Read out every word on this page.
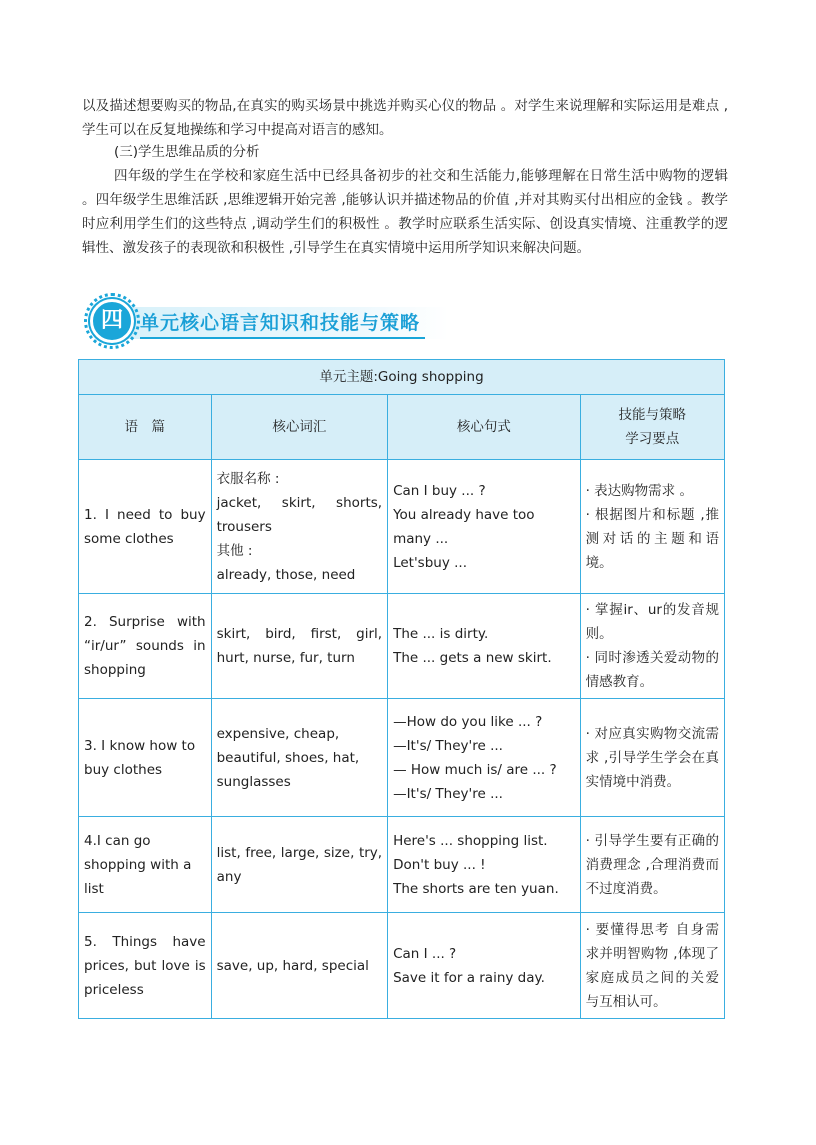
以及描述想要购买的物品,在真实的购买场景中挑选并购买心仪的物品 。对学生来说理解和实际运用是难点 ,学生可以在反复地操练和学习中提高对语言的感知。

(三)学生思维品质的分析

四年级的学生在学校和家庭生活中已经具备初步的社交和生活能力,能够理解在日常生活中购物的逻辑 。四年级学生思维活跃 ,思维逻辑开始完善 ,能够认识并描述物品的价值 ,并对其购买付出相应的金钱 。教学时应利用学生们的这些特点 ,调动学生们的积极性 。教学时应联系生活实际、创设真实情境、注重教学的逻辑性、激发孩子的表现欲和积极性 ,引导学生在真实情境中运用所学知识来解决问题。

四 单元核心语言知识和技能与策略
单元主题:Going shopping			
语　篇	核心词汇	核心句式	技能与策略
学习要点

1. I need to buy some clothes	衣服名称 :
jacket, skirt, shorts, trousers
其他 :
already, those, need	Can I buy ... ?
You already have too many ...
Let'sbuy ...	· 表达购物需求 。
· 根据图片和标题 ,推测对话的主题和语境。

2. Surprise with “ir/ur” sounds in shopping	skirt, bird, first, girl, hurt, nurse, fur, turn	The ... is dirty.
The ... gets a new skirt.	· 掌握ir、ur的发音规则。
· 同时渗透关爱动物的情感教育。

3. I know how to buy clothes	expensive, cheap, beautiful, shoes, hat, sunglasses	—How do you like ... ?
—It's/ They're ...
— How much is/ are ... ?
—It's/ They're ...	· 对应真实购物交流需求 ,引导学生学会在真实情境中消费。
4.I can go shopping with a list	list, free, large, size, try, any	Here's ... shopping list.
Don't buy ... !
The shorts are ten yuan.	· 引导学生要有正确的消费理念 ,合理消费而不过度消费。
5. Things have prices, but love is priceless	save, up, hard, special	Can I ... ?
Save it for a rainy day.	· 要懂得思考 自身需求并明智购物 ,体现了 家庭成员之间的关爱与互相认可。
